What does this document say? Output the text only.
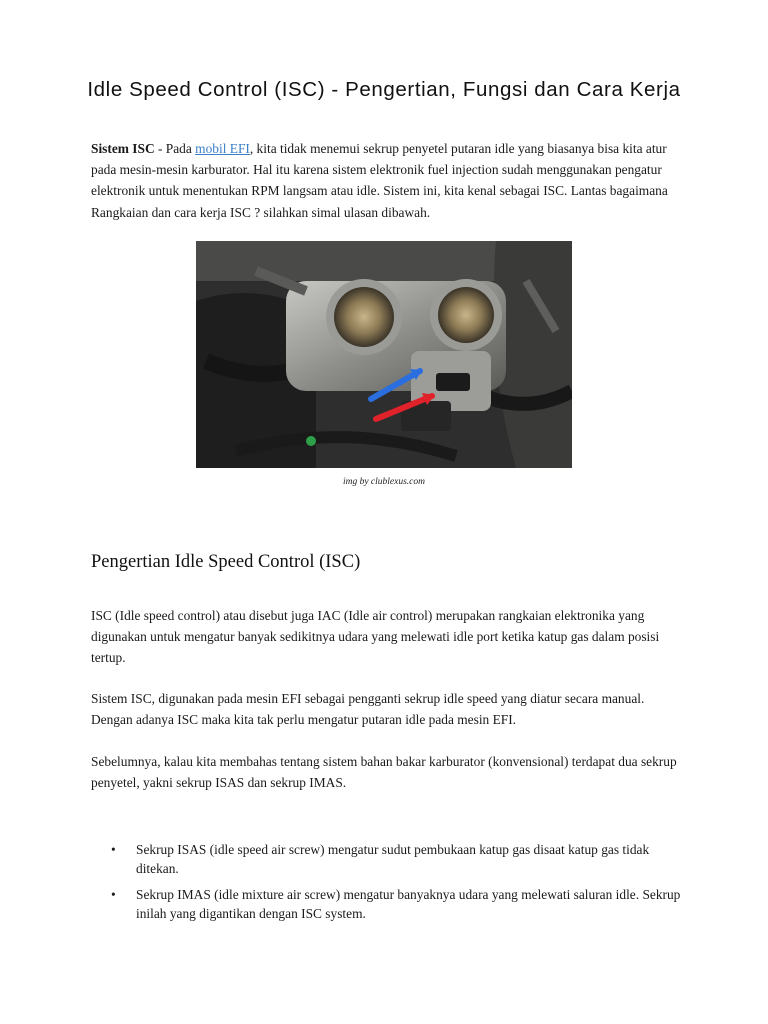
Idle Speed Control (ISC) - Pengertian, Fungsi dan Cara Kerja

Sistem ISC - Pada mobil EFI, kita tidak menemui sekrup penyetel putaran idle yang biasanya bisa kita atur pada mesin-mesin karburator. Hal itu karena sistem elektronik fuel injection sudah menggunakan pengatur elektronik untuk menentukan RPM langsam atau idle. Sistem ini, kita kenal sebagai ISC. Lantas bagaimana Rangkaian dan cara kerja ISC ? silahkan simal ulasan dibawah.

img by clublexus.com
Pengertian Idle Speed Control (ISC)

ISC (Idle speed control) atau disebut juga IAC (Idle air control) merupakan rangkaian elektronika yang digunakan untuk mengatur banyak sedikitnya udara yang melewati idle port ketika katup gas dalam posisi tertup.

Sistem ISC, digunakan pada mesin EFI sebagai pengganti sekrup idle speed yang diatur secara manual. Dengan adanya ISC maka kita tak perlu mengatur putaran idle pada mesin EFI.

Sebelumnya, kalau kita membahas tentang sistem bahan bakar karburator (konvensional) terdapat dua sekrup penyetel, yakni sekrup ISAS dan sekrup IMAS.

• Sekrup ISAS (idle speed air screw) mengatur sudut pembukaan katup gas disaat katup gas tidak ditekan.
• Sekrup IMAS (idle mixture air screw) mengatur banyaknya udara yang melewati saluran idle. Sekrup inilah yang digantikan dengan ISC system.
